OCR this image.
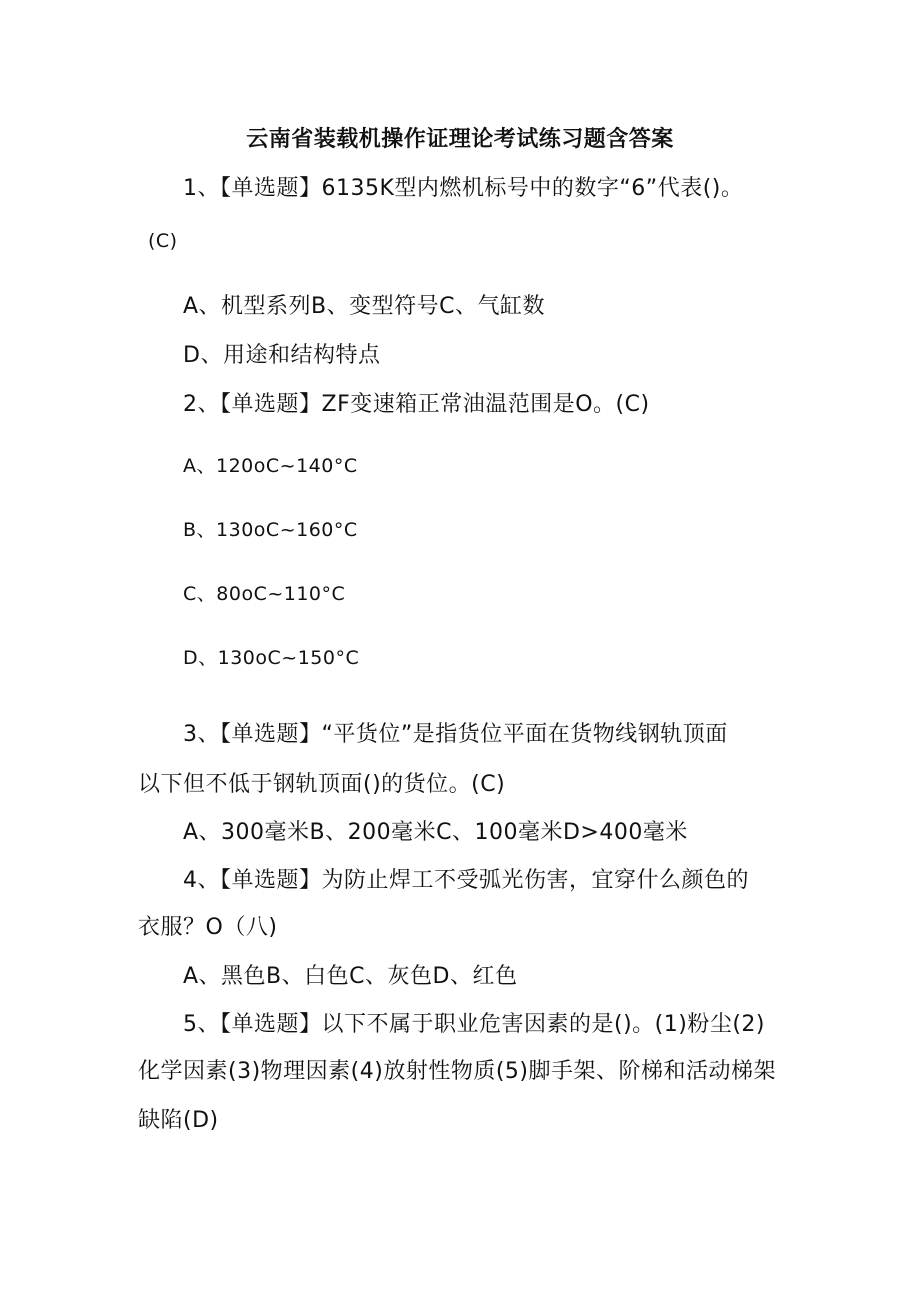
云南省装载机操作证理论考试练习题含答案
1、【单选题】6135K型内燃机标号中的数字“6”代表()。
(C)
A、机型系列B、变型符号C、气缸数
D、用途和结构特点
2、【单选题】ZF变速箱正常油温范围是O。(C)
A、120oC~140°C
B、130oC~160°C
C、80oC~110°C
D、130oC~150°C
3、【单选题】“平货位”是指货位平面在货物线钢轨顶面
以下但不低于钢轨顶面()的货位。(C)
A、300毫米B、200毫米C、100毫米D>400毫米
4、【单选题】为防止焊工不受弧光伤害，宜穿什么颜色的
衣服？O（八)
A、黑色B、白色C、灰色D、红色
5、【单选题】以下不属于职业危害因素的是()。(1)粉尘(2)
化学因素(3)物理因素(4)放射性物质(5)脚手架、阶梯和活动梯架
缺陷(D)
